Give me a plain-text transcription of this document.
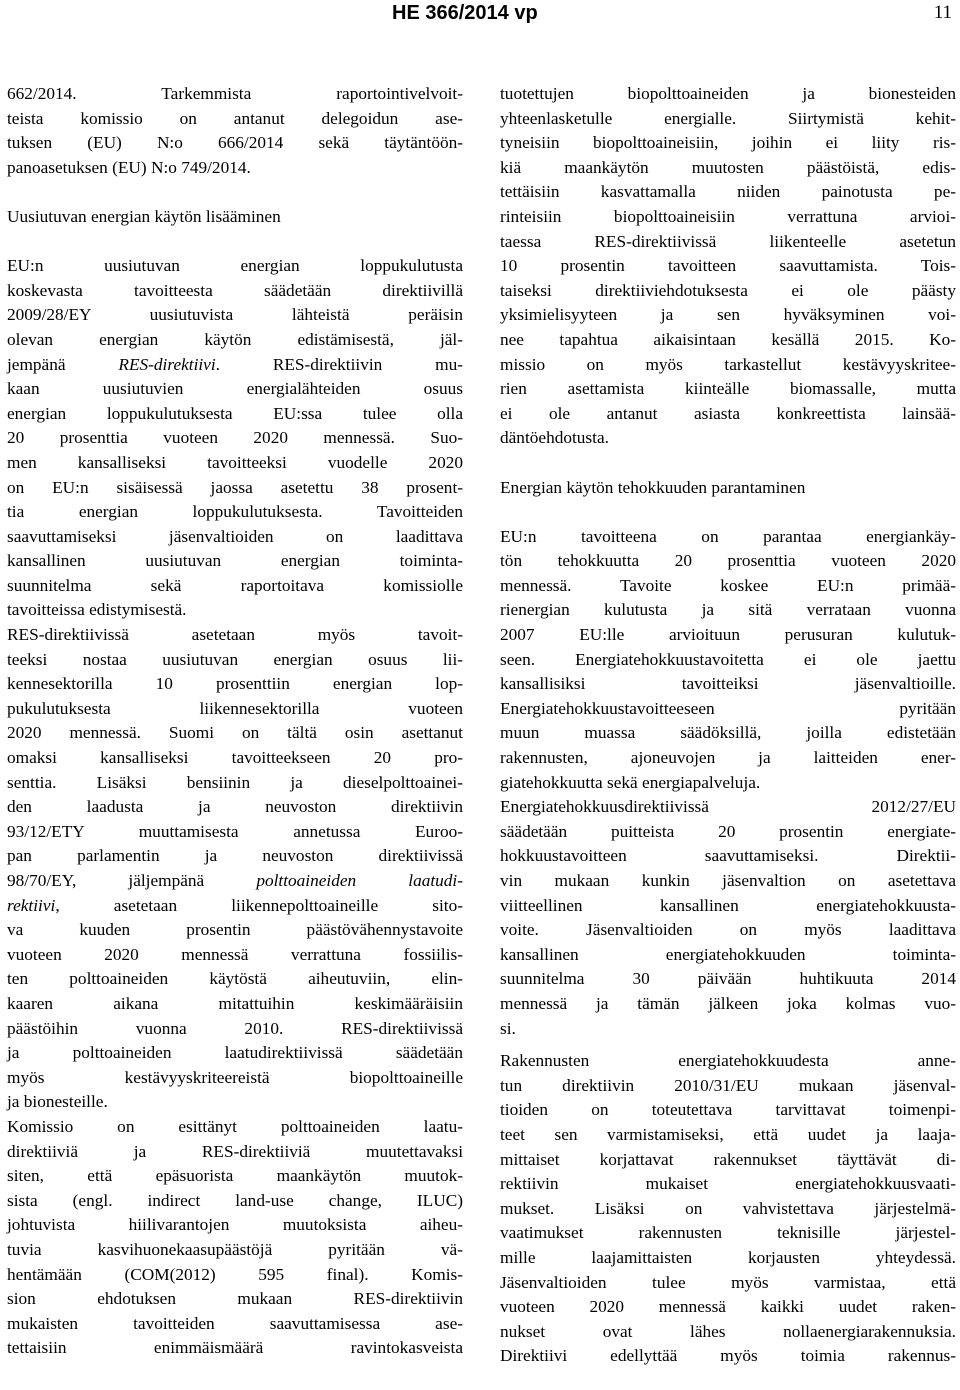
HE 366/2014 vp	11
662/2014. Tarkemmista raportointivelvoit-
teista komissio on antanut delegoidun ase-
tuksen (EU) N:o 666/2014 sekä täytäntöön-
panoasetuksen (EU) N:o 749/2014.
Uusiutuvan energian käytön lisääminen
EU:n uusiutuvan energian loppukulutusta
koskevasta tavoitteesta säädetään direktiivillä
2009/28/EY uusiutuvista lähteistä peräisin
olevan energian käytön edistämisestä, jäl-
jempänä RES-direktiivi. RES-direktiivin mu-
kaan uusiutuvien energialähteiden osuus
energian loppukulutuksesta EU:ssa tulee olla
20 prosenttia vuoteen 2020 mennessä. Suo-
men kansalliseksi tavoitteeksi vuodelle 2020
on EU:n sisäisessä jaossa asetettu 38 prosent-
tia energian loppukulutuksesta. Tavoitteiden
saavuttamiseksi jäsenvaltioiden on laadittava
kansallinen uusiutuvan energian toiminta-
suunnitelma sekä raportoitava komissiolle
tavoitteissa edistymisestä.
RES-direktiivissä asetetaan myös tavoit-
teeksi nostaa uusiutuvan energian osuus lii-
kennesektorilla 10 prosenttiin energian lop-
pukulutuksesta liikennesektorilla vuoteen
2020 mennessä. Suomi on tältä osin asettanut
omaksi kansalliseksi tavoitteekseen 20 pro-
senttia. Lisäksi bensiinin ja dieselpolttoainei-
den laadusta ja neuvoston direktiivin
93/12/ETY muuttamisesta annetussa Euroo-
pan parlamentin ja neuvoston direktiivissä
98/70/EY, jäljempänä polttoaineiden laatudi-
rektiivi, asetetaan liikennepolttoaineille sito-
va kuuden prosentin päästövähennystavoite
vuoteen 2020 mennessä verrattuna fossiilis-
ten polttoaineiden käytöstä aiheutuviin, elin-
kaaren aikana mitattuihin keskimääräisiin
päästöihin vuonna 2010. RES-direktiivissä
ja polttoaineiden laatudirektiivissä säädetään
myös kestävyyskriteereistä biopolttoaineille
ja bionesteille.
Komissio on esittänyt polttoaineiden laatu-
direktiiviä ja RES-direktiiviä muutettavaksi
siten, että epäsuorista maankäytön muutok-
sista (engl. indirect land-use change, ILUC)
johtuvista hiilivarantojen muutoksista aiheu-
tuvia kasvihuonekaasupäästöjä pyritään vä-
hentämään (COM(2012) 595 final). Komis-
sion ehdotuksen mukaan RES-direktiivin
mukaisten tavoitteiden saavuttamisessa ase-
tettaisiin enimmäismäärä ravintokasveista
tuotettujen biopolttoaineiden ja bionesteiden
yhteenlasketulle energialle. Siirtymistä kehit-
tyneisiin biopolttoaineisiin, joihin ei liity ris-
kiä maankäytön muutosten päästöistä, edis-
tettäisiin kasvattamalla niiden painotusta pe-
rinteisiin biopolttoaineisiin verrattuna arvioi-
taessa RES-direktiivissä liikenteelle asetetun
10 prosentin tavoitteen saavuttamista. Tois-
taiseksi direktiiviehdotuksesta ei ole päästy
yksimielisyyteen ja sen hyväksyminen voi-
nee tapahtua aikaisintaan kesällä 2015. Ko-
missio on myös tarkastellut kestävyyskritee-
rien asettamista kiinteälle biomassalle, mutta
ei ole antanut asiasta konkreettista lainsää-
däntöehdotusta.
Energian käytön tehokkuuden parantaminen
EU:n tavoitteena on parantaa energiankäy-
tön tehokkuutta 20 prosenttia vuoteen 2020
mennessä. Tavoite koskee EU:n primää-
rienergian kulutusta ja sitä verrataan vuonna
2007 EU:lle arvioituun perusuran kulutuk-
seen. Energiatehokkuustavoitetta ei ole jaettu
kansallisiksi tavoitteiksi jäsenvaltioille.
Energiatehokkuustavoitteeseen pyritään
muun muassa säädöksillä, joilla edistetään
rakennusten, ajoneuvojen ja laitteiden ener-
giatehokkuutta sekä energiapalveluja.
Energiatehokkuusdirektiivissä 2012/27/EU
säädetään puitteista 20 prosentin energiate-
hokkuustavoitteen saavuttamiseksi. Direktii-
vin mukaan kunkin jäsenvaltion on asetettava
viitteellinen kansallinen energiatehokkuusta-
voite. Jäsenvaltioiden on myös laadittava
kansallinen energiatehokkuuden toiminta-
suunnitelma 30 päivään huhtikuuta 2014
mennessä ja tämän jälkeen joka kolmas vuo-
si.
Rakennusten energiatehokkuudesta anne-
tun direktiivin 2010/31/EU mukaan jäsenval-
tioiden on toteutettava tarvittavat toimenpi-
teet sen varmistamiseksi, että uudet ja laaja-
mittaiset korjattavat rakennukset täyttävät di-
rektiivin mukaiset energiatehokkuusvaati-
mukset. Lisäksi on vahvistettava järjestelmä-
vaatimukset rakennusten teknisille järjestel-
mille laajamittaisten korjausten yhteydessä.
Jäsenvaltioiden tulee myös varmistaa, että
vuoteen 2020 mennessä kaikki uudet raken-
nukset ovat lähes nollaenergiarakennuksia.
Direktiivi edellyttää myös toimia rakennus-
